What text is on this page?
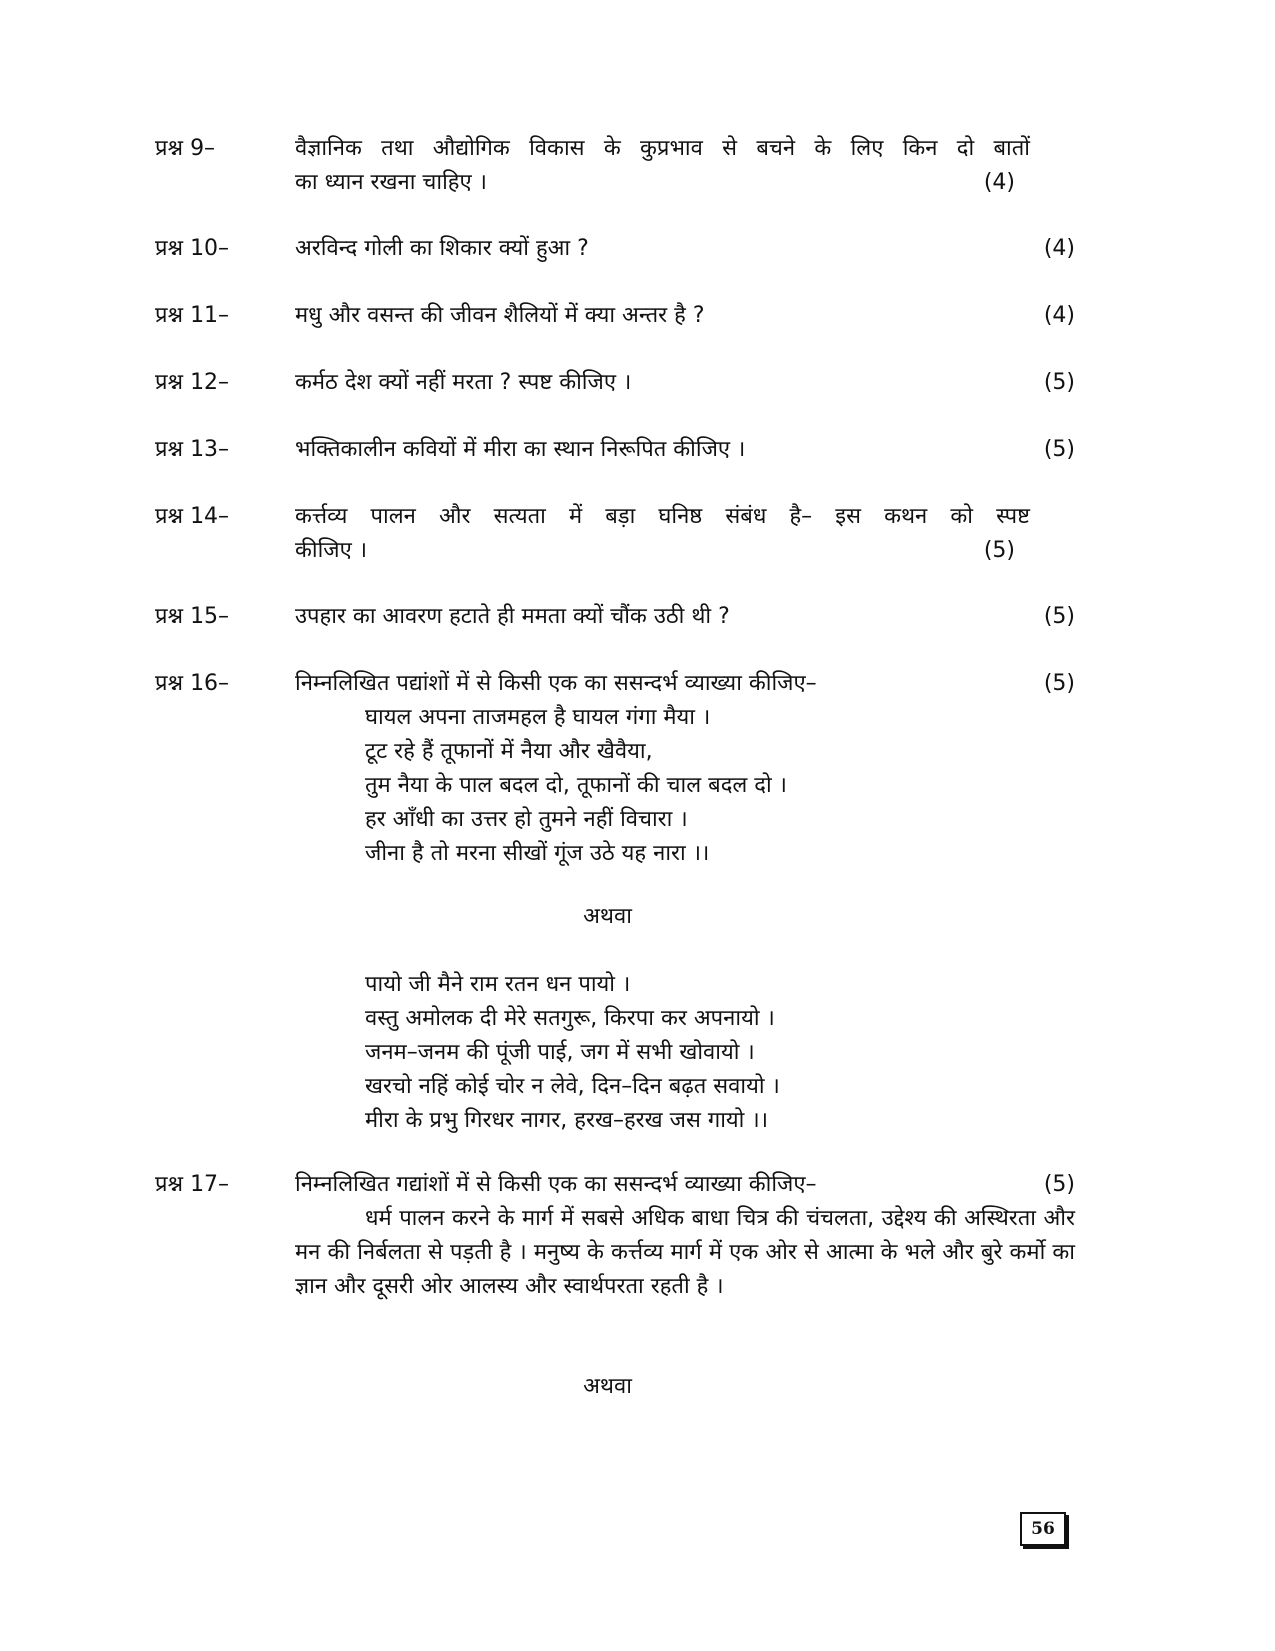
प्रश्न 9–	वैज्ञानिक तथा औद्योगिक विकास के कुप्रभाव से बचने के लिए किन दो बातों
का ध्यान रखना चाहिए ।	(4)
प्रश्न 10–	अरविन्द गोली का शिकार क्यों हुआ ?	(4)
प्रश्न 11–	मधु और वसन्त की जीवन शैलियों में क्या अन्तर है ?	(4)
प्रश्न 12–	कर्मठ देश क्यों नहीं मरता ? स्पष्ट कीजिए ।	(5)
प्रश्न 13–	भक्तिकालीन कवियों में मीरा का स्थान निरूपित कीजिए ।	(5)
प्रश्न 14–	कर्त्तव्य पालन और सत्यता में बड़ा घनिष्ठ संबंध है– इस कथन को स्पष्ट
कीजिए ।	(5)
प्रश्न 15–	उपहार का आवरण हटाते ही ममता क्यों चौंक उठी थी ?	(5)
प्रश्न 16–	निम्नलिखित पद्यांशों में से किसी एक का ससन्दर्भ व्याख्या कीजिए–	(5)
घायल अपना ताजमहल है घायल गंगा मैया ।
टूट रहे हैं तूफानों में नैया और खैवैया,
तुम नैया के पाल बदल दो, तूफानों की चाल बदल दो ।
हर आँधी का उत्तर हो तुमने नहीं विचारा ।
जीना है तो मरना सीखों गूंज उठे यह नारा ।।
अथवा
पायो जी मैने राम रतन धन पायो ।
वस्तु अमोलक दी मेरे सतगुरू, किरपा कर अपनायो ।
जनम–जनम की पूंजी पाई, जग में सभी खोवायो ।
खरचो नहिं कोई चोर न लेवे, दिन–दिन बढ़त सवायो ।
मीरा के प्रभु गिरधर नागर, हरख–हरख जस गायो ।।
प्रश्न 17–	निम्नलिखित गद्यांशों में से किसी एक का ससन्दर्भ व्याख्या कीजिए–	(5)
धर्म पालन करने के मार्ग में सबसे अधिक बाधा चित्र की चंचलता, उद्देश्य की अस्थिरता और मन की निर्बलता से पड़ती है । मनुष्य के कर्त्तव्य मार्ग में एक ओर से आत्मा के भले और बुरे कर्मो का ज्ञान और दूसरी ओर आलस्य और स्वार्थपरता रहती है ।
अथवा
56
